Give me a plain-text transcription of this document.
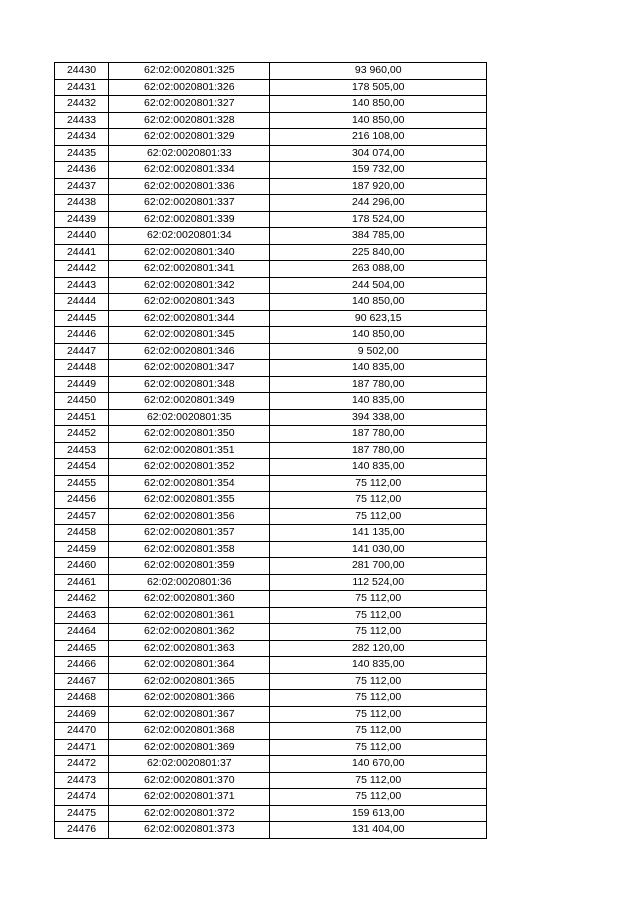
24430	62:02:0020801:325	93 960,00
24431	62:02:0020801:326	178 505,00
24432	62:02:0020801:327	140 850,00
24433	62:02:0020801:328	140 850,00
24434	62:02:0020801:329	216 108,00
24435	62:02:0020801:33	304 074,00
24436	62:02:0020801:334	159 732,00
24437	62:02:0020801:336	187 920,00
24438	62:02:0020801:337	244 296,00
24439	62:02:0020801:339	178 524,00
24440	62:02:0020801:34	384 785,00
24441	62:02:0020801:340	225 840,00
24442	62:02:0020801:341	263 088,00
24443	62:02:0020801:342	244 504,00
24444	62:02:0020801:343	140 850,00
24445	62:02:0020801:344	90 623,15
24446	62:02:0020801:345	140 850,00
24447	62:02:0020801:346	9 502,00
24448	62:02:0020801:347	140 835,00
24449	62:02:0020801:348	187 780,00
24450	62:02:0020801:349	140 835,00
24451	62:02:0020801:35	394 338,00
24452	62:02:0020801:350	187 780,00
24453	62:02:0020801:351	187 780,00
24454	62:02:0020801:352	140 835,00
24455	62:02:0020801:354	75 112,00
24456	62:02:0020801:355	75 112,00
24457	62:02:0020801:356	75 112,00
24458	62:02:0020801:357	141 135,00
24459	62:02:0020801:358	141 030,00
24460	62:02:0020801:359	281 700,00
24461	62:02:0020801:36	112 524,00
24462	62:02:0020801:360	75 112,00
24463	62:02:0020801:361	75 112,00
24464	62:02:0020801:362	75 112,00
24465	62:02:0020801:363	282 120,00
24466	62:02:0020801:364	140 835,00
24467	62:02:0020801:365	75 112,00
24468	62:02:0020801:366	75 112,00
24469	62:02:0020801:367	75 112,00
24470	62:02:0020801:368	75 112,00
24471	62:02:0020801:369	75 112,00
24472	62:02:0020801:37	140 670,00
24473	62:02:0020801:370	75 112,00
24474	62:02:0020801:371	75 112,00
24475	62:02:0020801:372	159 613,00
24476	62:02:0020801:373	131 404,00
